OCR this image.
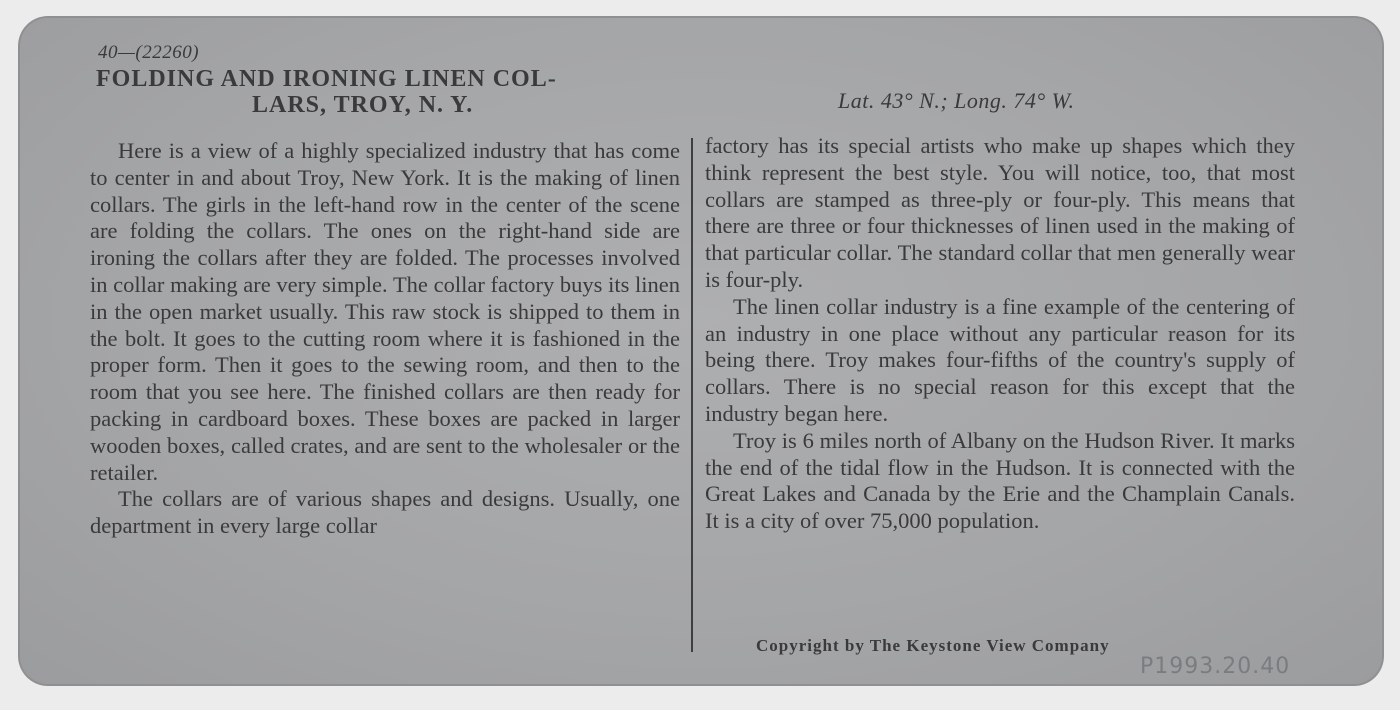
40—(22260)
FOLDING AND IRONING LINEN COL-
LARS, TROY, N. Y.	Lat. 43° N.; Long. 74° W.

Here is a view of a highly specialized industry that has come to center in and about Troy, New York. It is the making of linen collars. The girls in the left-hand row in the center of the scene are folding the collars. The ones on the right-hand side are ironing the collars after they are folded. The processes involved in collar making are very simple. The collar factory buys its linen in the open market usually. This raw stock is shipped to them in the bolt. It goes to the cutting room where it is fashioned in the proper form. Then it goes to the sewing room, and then to the room that you see here. The finished collars are then ready for packing in cardboard boxes. These boxes are packed in larger wooden boxes, called crates, and are sent to the wholesaler or the retailer.

The collars are of various shapes and designs. Usually, one department in every large collar

factory has its special artists who make up shapes which they think represent the best style. You will notice, too, that most collars are stamped as three-ply or four-ply. This means that there are three or four thicknesses of linen used in the making of that particular collar. The standard collar that men generally wear is four-ply.

The linen collar industry is a fine example of the centering of an industry in one place without any particular reason for its being there. Troy makes four-fifths of the country's supply of collars. There is no special reason for this except that the industry began here.

Troy is 6 miles north of Albany on the Hudson River. It marks the end of the tidal flow in the Hudson. It is connected with the Great Lakes and Canada by the Erie and the Champlain Canals. It is a city of over 75,000 population.

Copyright by The Keystone View Company
P1993.20.40
